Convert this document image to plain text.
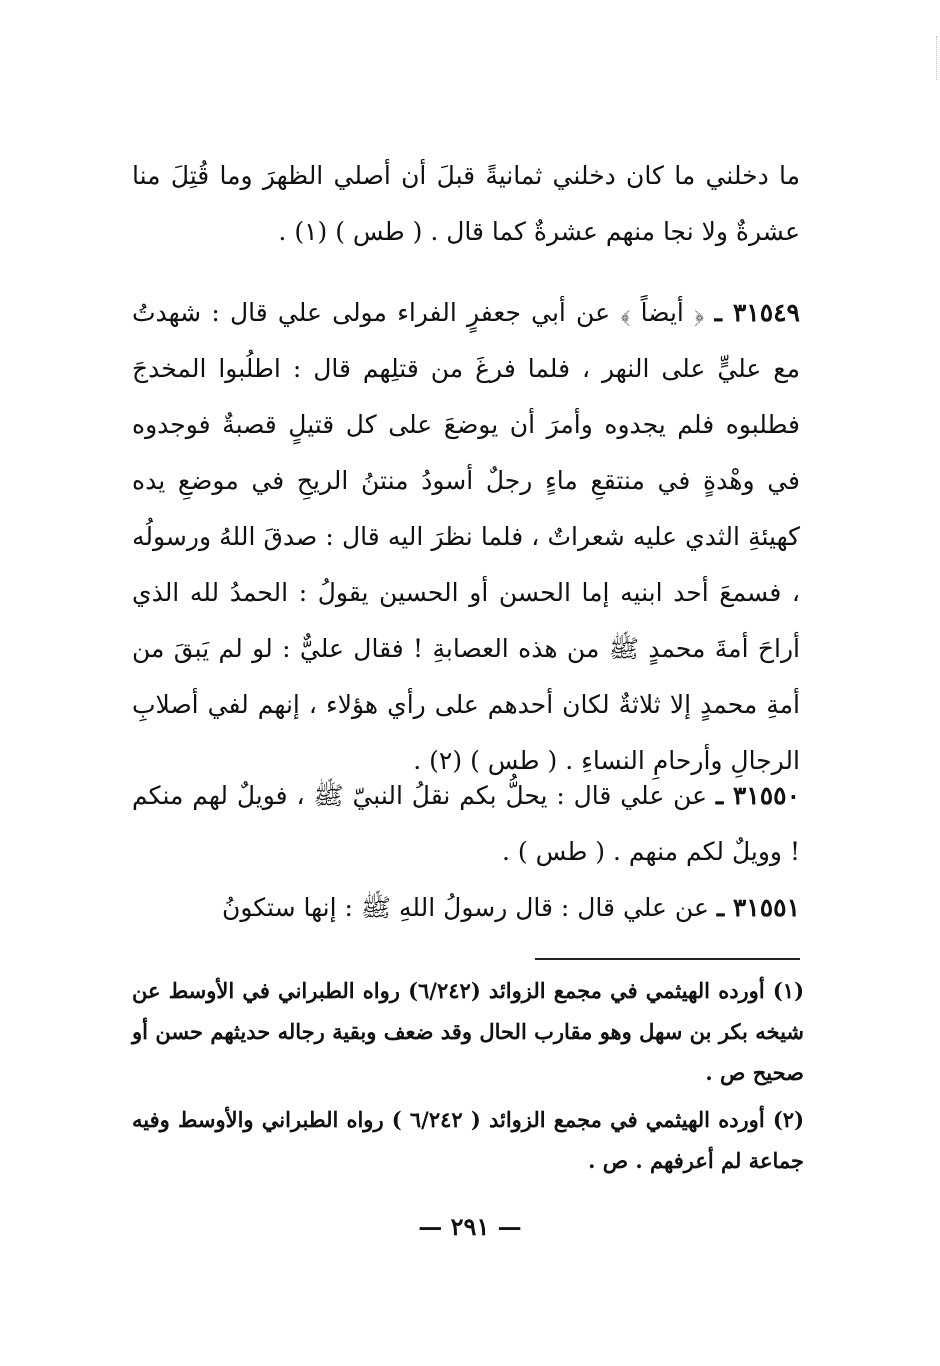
ما دخلني ما كان دخلني ثمانيةً قبلَ أن أصلي الظهرَ وما قُتِلَ منا عشرةٌ ولا نجا منهم عشرةٌ كما قال . ( طس ) (١) .

٣١٥٤٩ ـ ﴿ أيضاً ﴾ عن أبي جعفرٍ الفراء مولى علي قال : شهدتُ مع عليٍّ على النهر ، فلما فرغَ من قتلِهم قال : اطلُبوا المخدجَ فطلبوه فلم يجدوه وأمرَ أن يوضعَ على كل قتيلٍ قصبةٌ فوجدوه في وهْدةٍ في منتقعِ ماءٍ رجلٌ أسودُ منتنُ الريحِ في موضعِ يده كهيئةِ الثدي عليه شعراتٌ ، فلما نظرَ اليه قال : صدقَ اللهُ ورسولُه ، فسمعَ أحد ابنيه إما الحسن أو الحسين يقولُ : الحمدُ لله الذي أراحَ أمةَ محمدٍ ﷺ من هذه العصابةِ ! فقال عليٌّ : لو لم يَبقَ من أمةِ محمدٍ إلا ثلاثةٌ لكان أحدهم على رأي هؤلاء ، إنهم لفي أصلابِ الرجالِ وأرحامِ النساءِ . ( طس ) (٢) .

٣١٥٥٠ ـ عن علي قال : يحلُّ بكم نقلُ النبيّ ﷺ ، فويلٌ لهم منكم ! وويلٌ لكم منهم . ( طس ) .

٣١٥٥١ ـ عن علي قال : قال رسولُ اللهِ ﷺ : إنها ستكونُ

(١) أورده الهيثمي في مجمع الزوائد (٦/٢٤٢) رواه الطبراني في الأوسط عن شيخه بكر بن سهل وهو مقارب الحال وقد ضعف وبقية رجاله حديثهم حسن أو صحيح ص .

(٢) أورده الهيثمي في مجمع الزوائد ( ٦/٢٤٢ ) رواه الطبراني والأوسط وفيه جماعة لم أعرفهم . ص .

— ٢٩١ —
